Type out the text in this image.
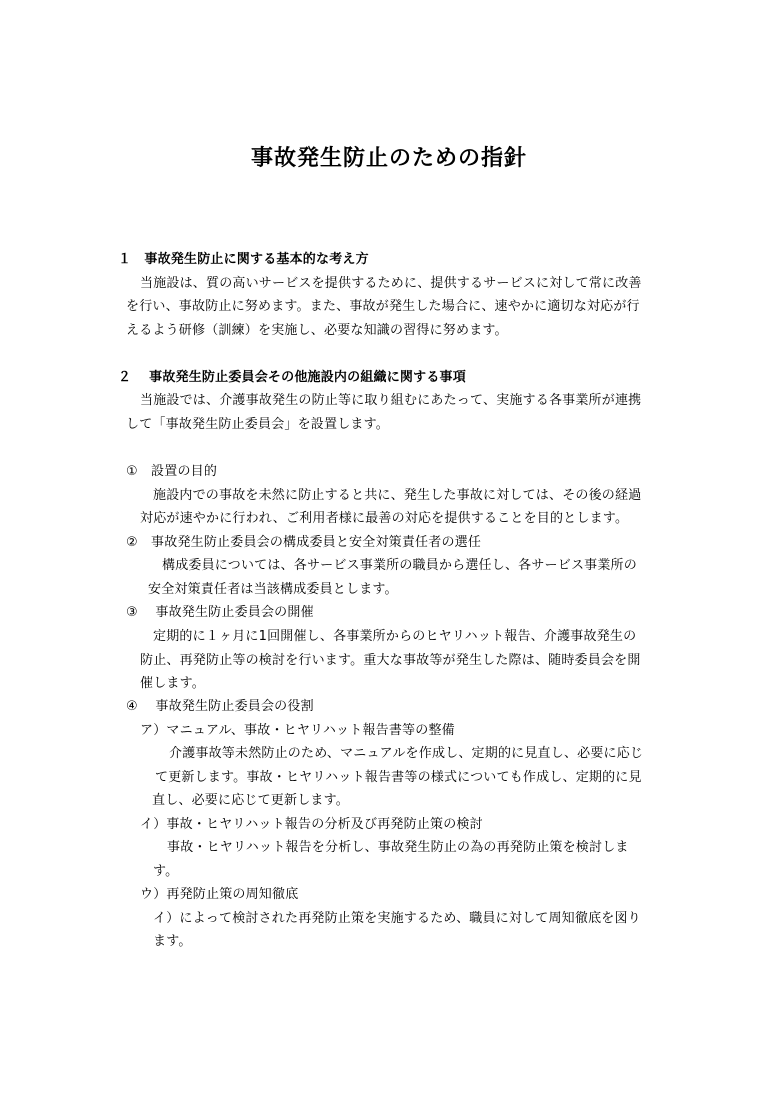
事故発生防止のための指針

１　事故発生防止に関する基本的な考え方

当施設は、質の高いサービスを提供するために、提供するサービスに対して常に改善

を行い、事故防止に努めます。また、事故が発生した場合に、速やかに適切な対応が行

えるよう研修（訓練）を実施し、必要な知識の習得に努めます。

２　 事故発生防止委員会その他施設内の組織に関する事項

当施設では、介護事故発生の防止等に取り組むにあたって、実施する各事業所が連携

して「事故発生防止委員会」を設置します。

①　設置の目的

施設内での事故を未然に防止すると共に、発生した事故に対しては、その後の経過

対応が速やかに行われ、ご利用者様に最善の対応を提供することを目的とします。

②　事故発生防止委員会の構成委員と安全対策責任者の選任

構成委員については、各サービス事業所の職員から選任し、各サービス事業所の

安全対策責任者は当該構成委員とします。

③　 事故発生防止委員会の開催

定期的に１ヶ月に1回開催し、各事業所からのヒヤリハット報告、介護事故発生の

防止、再発防止等の検討を行います。重大な事故等が発生した際は、随時委員会を開

催します。

④　 事故発生防止委員会の役割

ア）マニュアル、事故・ヒヤリハット報告書等の整備

介護事故等未然防止のため、マニュアルを作成し、定期的に見直し、必要に応じ

て更新します。事故・ヒヤリハット報告書等の様式についても作成し、定期的に見

直し、必要に応じて更新します。

イ）事故・ヒヤリハット報告の分析及び再発防止策の検討

事故・ヒヤリハット報告を分析し、事故発生防止の為の再発防止策を検討しま

す。

ウ）再発防止策の周知徹底

イ）によって検討された再発防止策を実施するため、職員に対して周知徹底を図り

ます。
